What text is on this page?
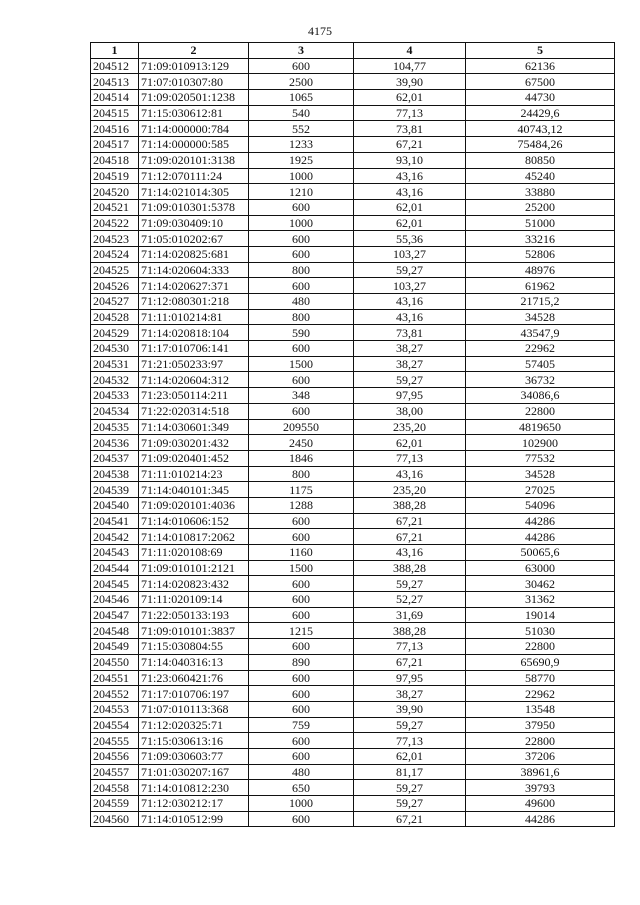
4175
1	2	3	4	5
204512	71:09:010913:129	600	104,77	62136
204513	71:07:010307:80	2500	39,90	67500
204514	71:09:020501:1238	1065	62,01	44730
204515	71:15:030612:81	540	77,13	24429,6
204516	71:14:000000:784	552	73,81	40743,12
204517	71:14:000000:585	1233	67,21	75484,26
204518	71:09:020101:3138	1925	93,10	80850
204519	71:12:070111:24	1000	43,16	45240
204520	71:14:021014:305	1210	43,16	33880
204521	71:09:010301:5378	600	62,01	25200
204522	71:09:030409:10	1000	62,01	51000
204523	71:05:010202:67	600	55,36	33216
204524	71:14:020825:681	600	103,27	52806
204525	71:14:020604:333	800	59,27	48976
204526	71:14:020627:371	600	103,27	61962
204527	71:12:080301:218	480	43,16	21715,2
204528	71:11:010214:81	800	43,16	34528
204529	71:14:020818:104	590	73,81	43547,9
204530	71:17:010706:141	600	38,27	22962
204531	71:21:050233:97	1500	38,27	57405
204532	71:14:020604:312	600	59,27	36732
204533	71:23:050114:211	348	97,95	34086,6
204534	71:22:020314:518	600	38,00	22800
204535	71:14:030601:349	209550	235,20	4819650
204536	71:09:030201:432	2450	62,01	102900
204537	71:09:020401:452	1846	77,13	77532
204538	71:11:010214:23	800	43,16	34528
204539	71:14:040101:345	1175	235,20	27025
204540	71:09:020101:4036	1288	388,28	54096
204541	71:14:010606:152	600	67,21	44286
204542	71:14:010817:2062	600	67,21	44286
204543	71:11:020108:69	1160	43,16	50065,6
204544	71:09:010101:2121	1500	388,28	63000
204545	71:14:020823:432	600	59,27	30462
204546	71:11:020109:14	600	52,27	31362
204547	71:22:050133:193	600	31,69	19014
204548	71:09:010101:3837	1215	388,28	51030
204549	71:15:030804:55	600	77,13	22800
204550	71:14:040316:13	890	67,21	65690,9
204551	71:23:060421:76	600	97,95	58770
204552	71:17:010706:197	600	38,27	22962
204553	71:07:010113:368	600	39,90	13548
204554	71:12:020325:71	759	59,27	37950
204555	71:15:030613:16	600	77,13	22800
204556	71:09:030603:77	600	62,01	37206
204557	71:01:030207:167	480	81,17	38961,6
204558	71:14:010812:230	650	59,27	39793
204559	71:12:030212:17	1000	59,27	49600
204560	71:14:010512:99	600	67,21	44286
